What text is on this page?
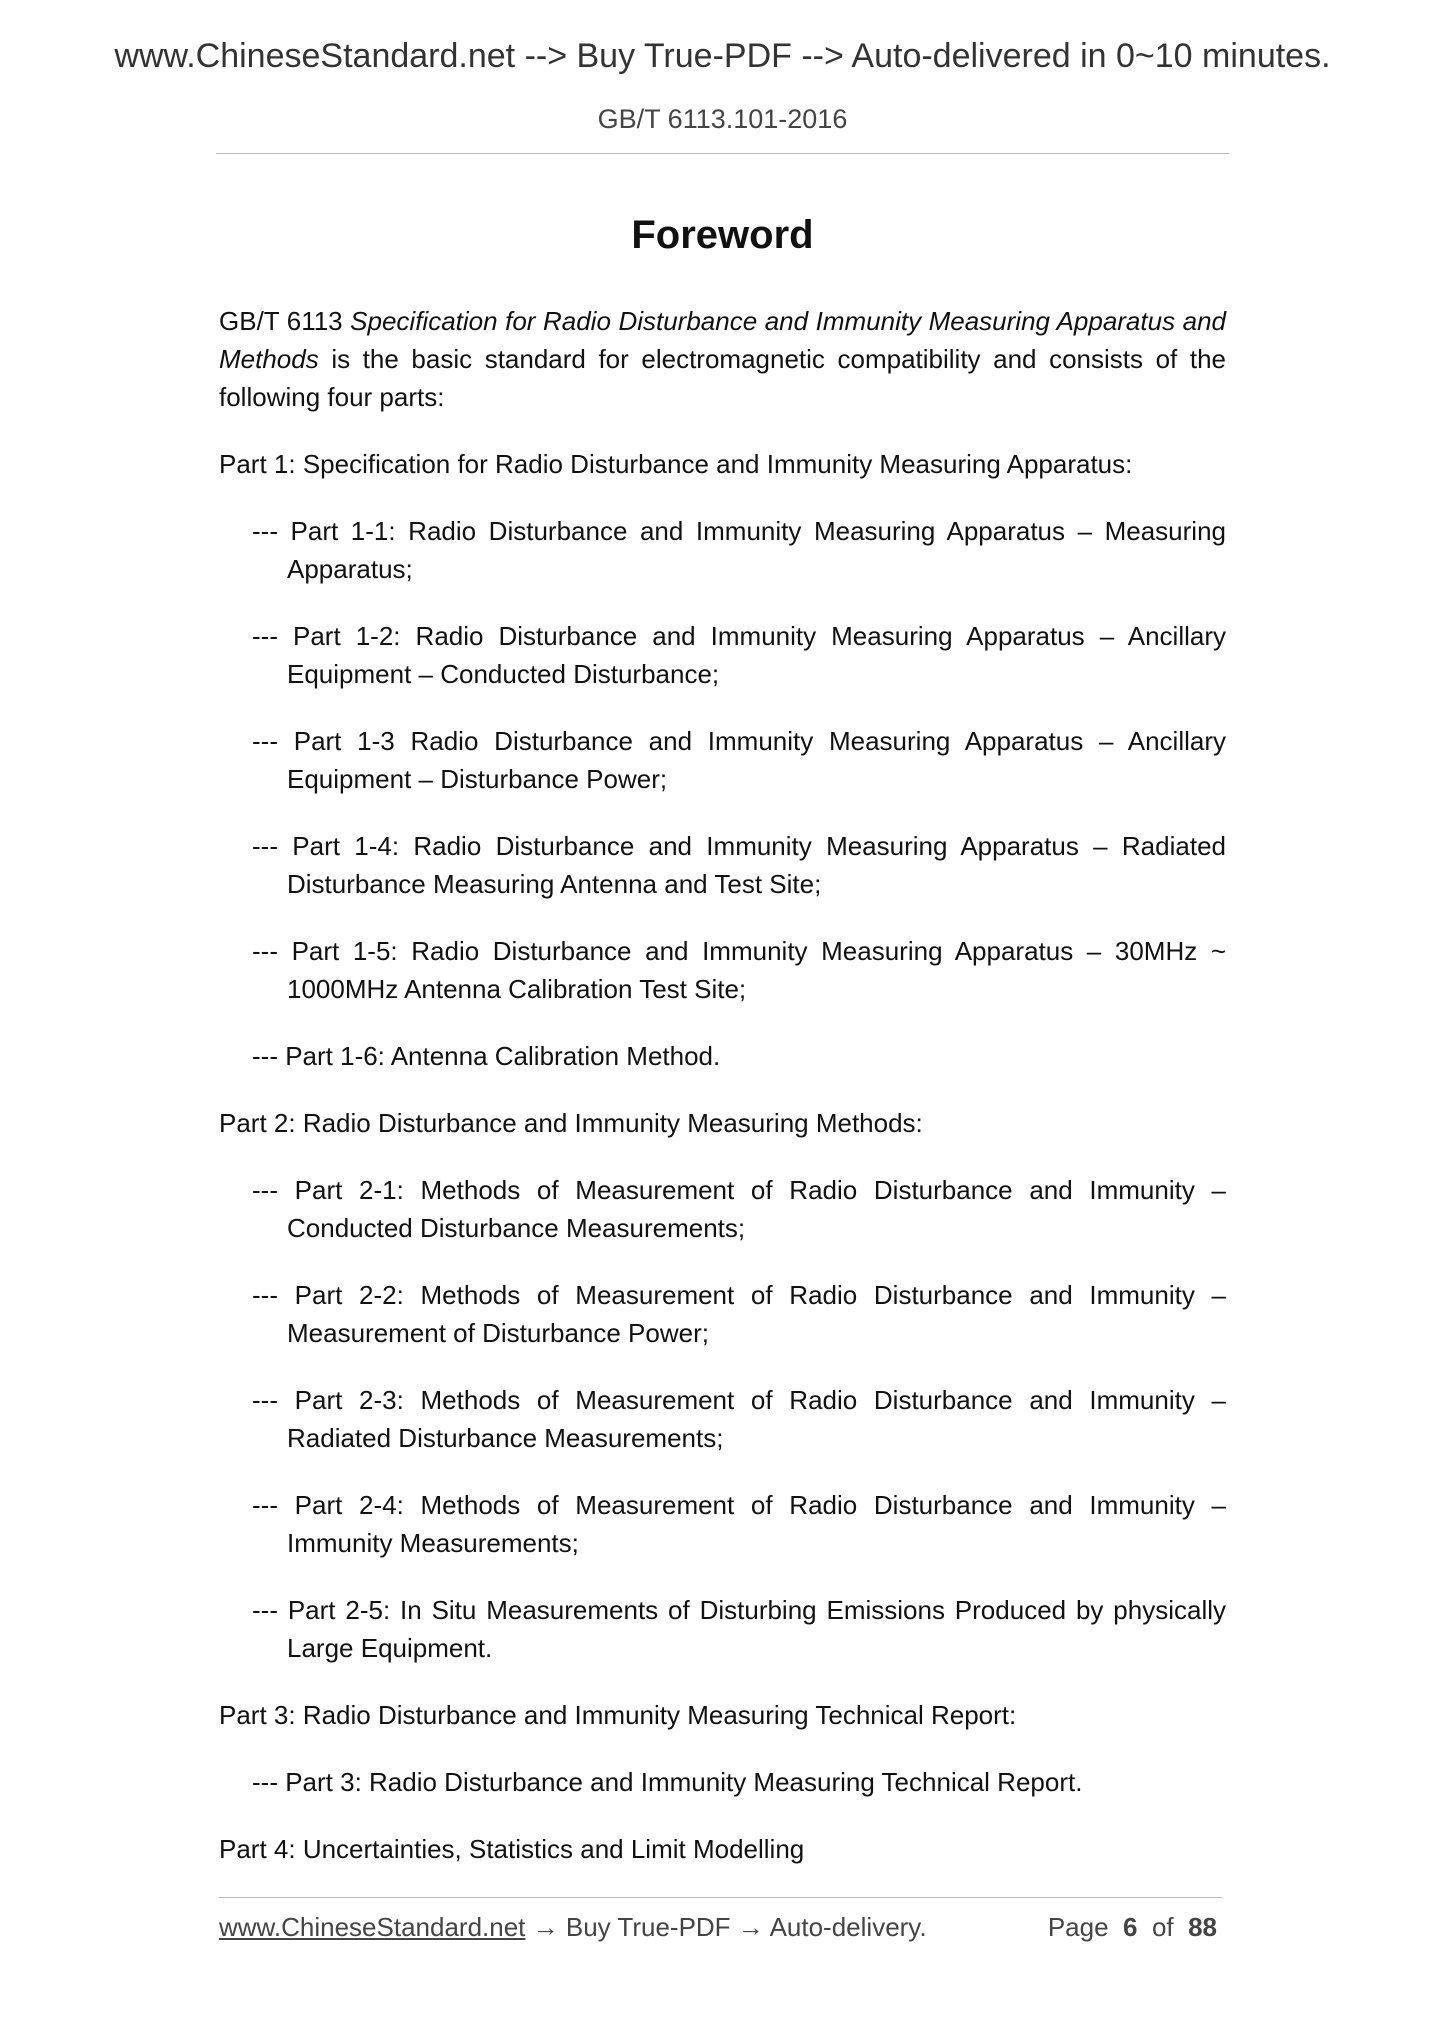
www.ChineseStandard.net --> Buy True-PDF --> Auto-delivered in 0~10 minutes.
GB/T 6113.101-2016
Foreword

GB/T 6113 Specification for Radio Disturbance and Immunity Measuring Apparatus and Methods is the basic standard for electromagnetic compatibility and consists of the following four parts:

Part 1: Specification for Radio Disturbance and Immunity Measuring Apparatus:

--- Part 1-1: Radio Disturbance and Immunity Measuring Apparatus – Measuring Apparatus;

--- Part 1-2: Radio Disturbance and Immunity Measuring Apparatus – Ancillary Equipment – Conducted Disturbance;

--- Part 1-3 Radio Disturbance and Immunity Measuring Apparatus – Ancillary Equipment – Disturbance Power;

--- Part 1-4: Radio Disturbance and Immunity Measuring Apparatus – Radiated Disturbance Measuring Antenna and Test Site;

--- Part 1-5: Radio Disturbance and Immunity Measuring Apparatus – 30MHz ~ 1000MHz Antenna Calibration Test Site;

--- Part 1-6: Antenna Calibration Method.

Part 2: Radio Disturbance and Immunity Measuring Methods:

--- Part 2-1: Methods of Measurement of Radio Disturbance and Immunity – Conducted Disturbance Measurements;

--- Part 2-2: Methods of Measurement of Radio Disturbance and Immunity – Measurement of Disturbance Power;

--- Part 2-3: Methods of Measurement of Radio Disturbance and Immunity – Radiated Disturbance Measurements;

--- Part 2-4: Methods of Measurement of Radio Disturbance and Immunity – Immunity Measurements;

--- Part 2-5: In Situ Measurements of Disturbing Emissions Produced by physically Large Equipment.

Part 3: Radio Disturbance and Immunity Measuring Technical Report:

--- Part 3: Radio Disturbance and Immunity Measuring Technical Report.

Part 4: Uncertainties, Statistics and Limit Modelling

www.ChineseStandard.net → Buy True-PDF → Auto-delivery.	Page 6 of 88
